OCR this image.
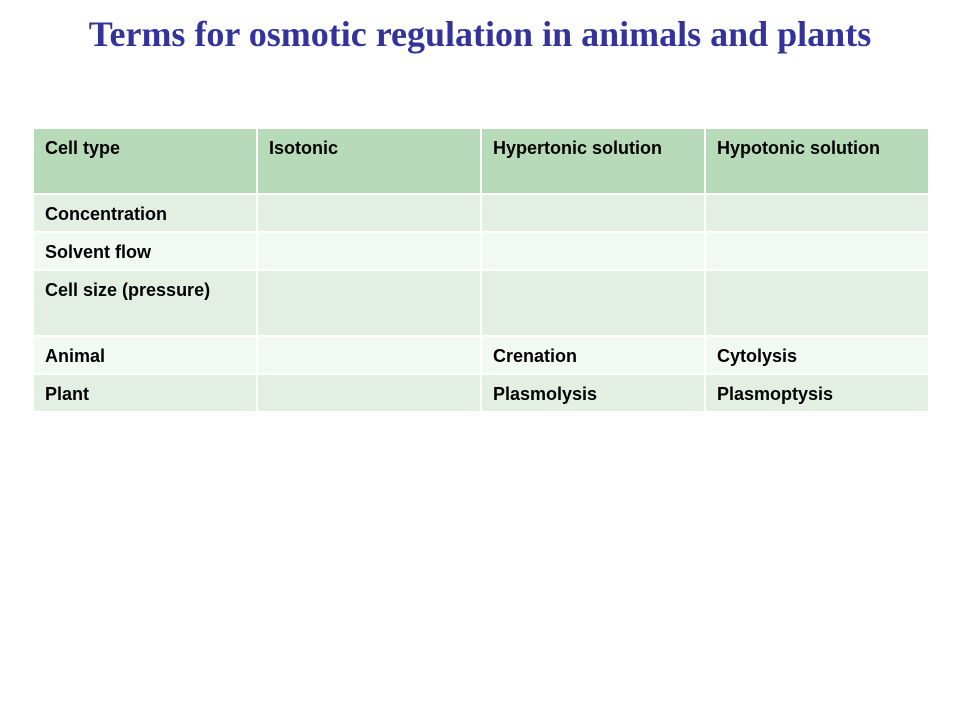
Terms for osmotic regulation in animals and plants
Cell type	Isotonic	Hypertonic solution	Hypotonic solution
Concentration			
Solvent flow			
Cell size (pressure)			
Animal		Crenation	Cytolysis
Plant		Plasmolysis	Plasmoptysis
